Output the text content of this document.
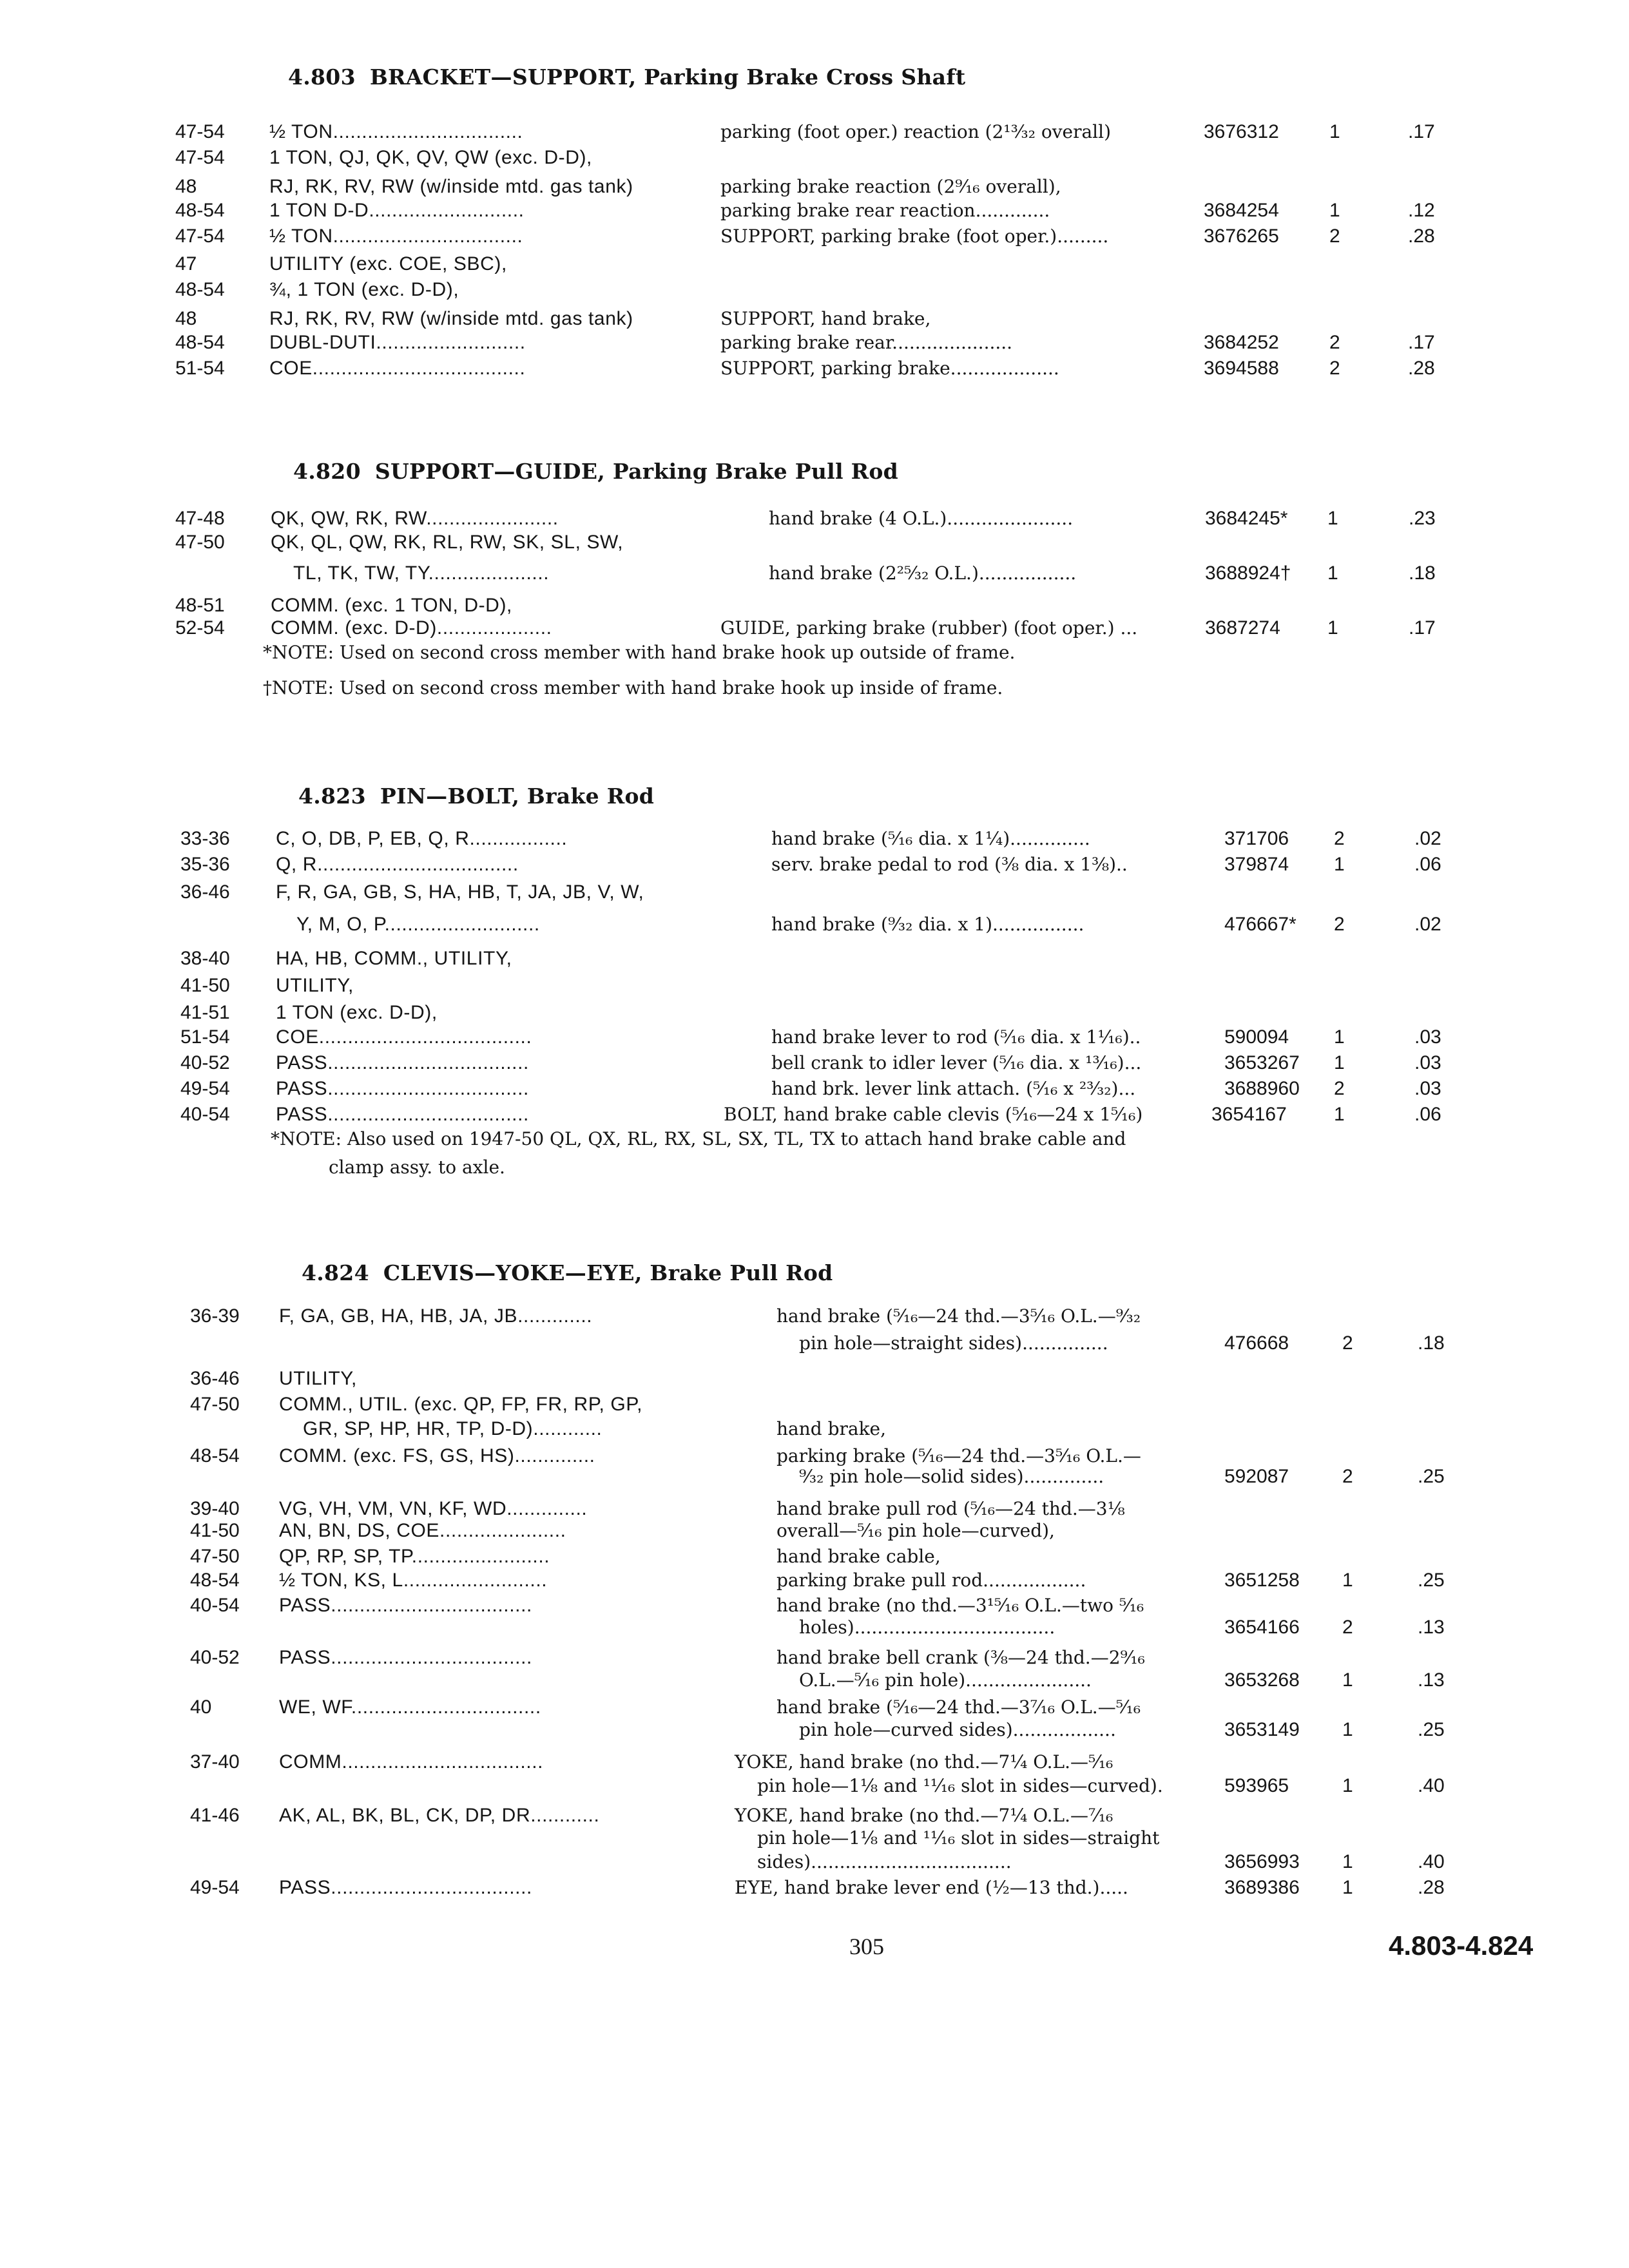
4.803 BRACKET—SUPPORT, Parking Brake Cross Shaft
4.820 SUPPORT—GUIDE, Parking Brake Pull Rod
4.823 PIN—BOLT, Brake Rod
4.824 CLEVIS—YOKE—EYE, Brake Pull Rod
47-54 ½ TON.................................	parking (foot oper.) reaction (2¹³⁄₃₂ overall)	3676312	1	.17
47-54 1 TON, QJ, QK, QV, QW (exc. D-D),
48	RJ, RK, RV, RW (w/inside mtd. gas tank)	parking brake reaction (2⁹⁄₁₆ overall),
48-54 1 TON D-D...........................	parking brake rear reaction.............	3684254	1	.12
47-54 ½ TON.................................	SUPPORT, parking brake (foot oper.).........	3676265	2	.28
47	UTILITY (exc. COE, SBC),
48-54 ¾, 1 TON (exc. D-D),
48	RJ, RK, RV, RW (w/inside mtd. gas tank)	SUPPORT, hand brake,
48-54 DUBL-DUTI..........................	parking brake rear.....................	3684252	2	.17
51-54 COE.....................................	SUPPORT, parking brake...................	3694588	2	.28
47-48 QK, QW, RK, RW.......................	hand brake (4 O.L.)......................	3684245* 1	.23
47-50 QK, QL, QW, RK, RL, RW, SK, SL, SW,
TL, TK, TW, TY.....................	hand brake (2²⁵⁄₃₂ O.L.).................	3688924† 1	.18
48-51 COMM. (exc. 1 TON, D-D),
52-54 COMM. (exc. D-D)....................	GUIDE, parking brake (rubber) (foot oper.) ...	3687274 1	.17
*NOTE: Used on second cross member with hand brake hook up outside of frame.
†NOTE: Used on second cross member with hand brake hook up inside of frame.
33-36 C, O, DB, P, EB, Q, R.................	hand brake (⁵⁄₁₆ dia. x 1¼)..............	371706 2	.02
35-36 Q, R...................................	serv. brake pedal to rod (⅜ dia. x 1⅜)..	379874 1	.06
36-46 F, R, GA, GB, S, HA, HB, T, JA, JB, V, W,
Y, M, O, P...........................	hand brake (⁹⁄₃₂ dia. x 1)................	476667* 2	.02
38-40 HA, HB, COMM., UTILITY,
41-50 UTILITY,
41-51 1 TON (exc. D-D),
51-54 COE.....................................	hand brake lever to rod (⁵⁄₁₆ dia. x 1¹⁄₁₆)..	590094 1	.03
40-52 PASS...................................	bell crank to idler lever (⁵⁄₁₆ dia. x ¹³⁄₁₆)...	3653267 1	.03
49-54 PASS...................................	hand brk. lever link attach. (⁵⁄₁₆ x ²³⁄₃₂)...	3688960 2	.03
40-54 PASS...................................	BOLT, hand brake cable clevis (⁵⁄₁₆—24 x 1⁵⁄₁₆)	3654167 1	.06
*NOTE: Also used on 1947-50 QL, QX, RL, RX, SL, SX, TL, TX to attach hand brake cable and
clamp assy. to axle.
36-39 F, GA, GB, HA, HB, JA, JB.............	hand brake (⁵⁄₁₆—24 thd.—3⁵⁄₁₆ O.L.—⁹⁄₃₂
pin hole—straight sides)...............	476668	2	.18
36-46 UTILITY,
47-50 COMM., UTIL. (exc. QP, FP, FR, RP, GP,
GR, SP, HP, HR, TP, D-D)............	hand brake,
48-54 COMM. (exc. FS, GS, HS)..............	parking brake (⁵⁄₁₆—24 thd.—3⁵⁄₁₆ O.L.—
⁹⁄₃₂ pin hole—solid sides)..............	592087	2	.25
39-40 VG, VH, VM, VN, KF, WD..............	hand brake pull rod (⁵⁄₁₆—24 thd.—3⅛
41-50 AN, BN, DS, COE......................	overall—⁵⁄₁₆ pin hole—curved),
47-50 QP, RP, SP, TP........................	hand brake cable,
48-54 ½ TON, KS, L.........................	parking brake pull rod..................	3651258 1	.25
40-54 PASS...................................	hand brake (no thd.—3¹⁵⁄₁₆ O.L.—two ⁵⁄₁₆
holes)...................................	3654166 2	.13
40-52 PASS...................................	hand brake bell crank (⅜—24 thd.—2⁹⁄₁₆
O.L.—⁵⁄₁₆ pin hole)......................	3653268 1	.13
40	WE, WF.................................	hand brake (⁵⁄₁₆—24 thd.—3⁷⁄₁₆ O.L.—⁵⁄₁₆
pin hole—curved sides)..................	3653149 1	.25
37-40 COMM...................................	YOKE, hand brake (no thd.—7¼ O.L.—⁵⁄₁₆
pin hole—1⅛ and ¹¹⁄₁₆ slot in sides—curved).	593965	1	.40
41-46 AK, AL, BK, BL, CK, DP, DR............	YOKE, hand brake (no thd.—7¼ O.L.—⁷⁄₁₆
pin hole—1⅛ and ¹¹⁄₁₆ slot in sides—straight
sides)...................................	3656993 1	.40
49-54 PASS...................................	EYE, hand brake lever end (½—13 thd.).....	3689386 1	.28
305	4.803-4.824
